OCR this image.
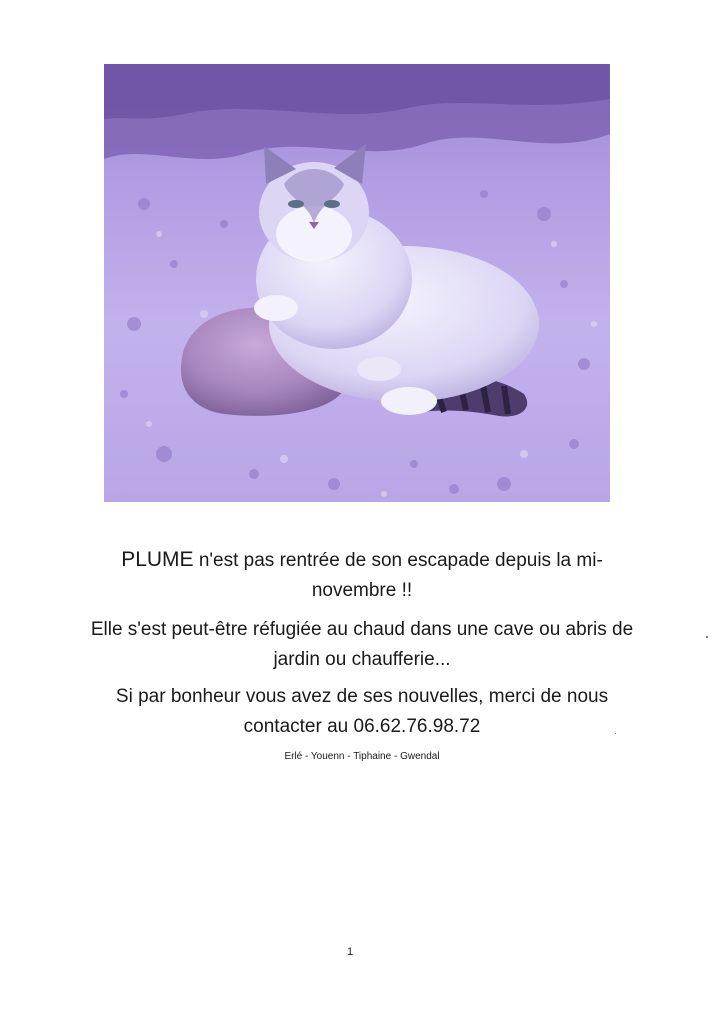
PLUME n'est pas rentrée de son escapade depuis la mi-
novembre !!
Elle s'est peut-être réfugiée au chaud dans une cave ou abris de
jardin ou chaufferie...
Si par bonheur vous avez de ses nouvelles, merci de nous
contacter au 06.62.76.98.72
Erlé - Youenn - Tiphaine - Gwendal
1
